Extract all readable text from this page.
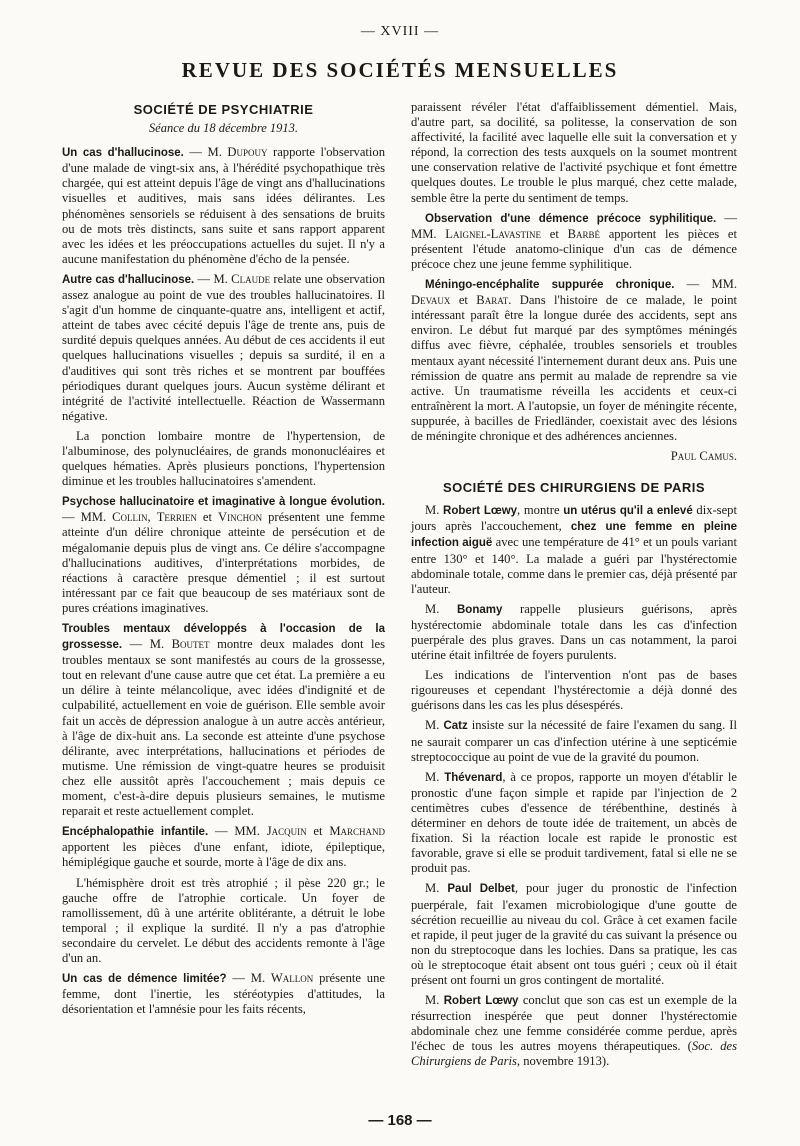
— XVIII —
REVUE DES SOCIÉTÉS MENSUELLES
SOCIÉTÉ DE PSYCHIATRIE
Séance du 18 décembre 1913.

Un cas d'hallucinose. — M. Dupouy rapporte l'observation d'une malade de vingt-six ans, à l'hérédité psychopathique très chargée, qui est atteint depuis l'âge de vingt ans d'hallucinations visuelles et auditives, mais sans idées délirantes. Les phénomènes sensoriels se réduisent à des sensations de bruits ou de mots très distincts, sans suite et sans rapport apparent avec les idées et les préoccupations actuelles du sujet. Il n'y a aucune manifestation du phénomène d'écho de la pensée.

Autre cas d'hallucinose. — M. Claude relate une observation assez analogue au point de vue des troubles hallucinatoires. Il s'agit d'un homme de cinquante-quatre ans, intelligent et actif, atteint de tabes avec cécité depuis l'âge de trente ans, puis de surdité depuis quelques années. Au début de ces accidents il eut quelques hallucinations visuelles ; depuis sa surdité, il en a d'auditives qui sont très riches et se montrent par bouffées périodiques durant quelques jours. Aucun système délirant et intégrité de l'activité intellectuelle. Réaction de Wassermann négative.

La ponction lombaire montre de l'hypertension, de l'albuminose, des polynucléaires, de grands mononucléaires et quelques hématies. Après plusieurs ponctions, l'hypertension diminue et les troubles hallucinatoires s'amendent.

Psychose hallucinatoire et imaginative à longue évolution. — MM. Collin, Terrien et Vinchon présentent une femme atteinte d'un délire chronique atteinte de persécution et de mégalomanie depuis plus de vingt ans. Ce délire s'accompagne d'hallucinations auditives, d'interprétations morbides, de réactions à caractère presque démentiel ; il est surtout intéressant par ce fait que beaucoup de ses matériaux sont de pures créations imaginatives.

Troubles mentaux développés à l'occasion de la grossesse. — M. Boutet montre deux malades dont les troubles mentaux se sont manifestés au cours de la grossesse, tout en relevant d'une cause autre que cet état. La première a eu un délire à teinte mélancolique, avec idées d'indignité et de culpabilité, actuellement en voie de guérison. Elle semble avoir fait un accès de dépression analogue à un autre accès antérieur, à l'âge de dix-huit ans. La seconde est atteinte d'une psychose délirante, avec interprétations, hallucinations et périodes de mutisme. Une rémission de vingt-quatre heures se produisit chez elle aussitôt après l'accouchement ; mais depuis ce moment, c'est-à-dire depuis plusieurs semaines, le mutisme reparait et reste actuellement complet.

Encéphalopathie infantile. — MM. Jacquin et Marchand apportent les pièces d'une enfant, idiote, épileptique, hémiplégique gauche et sourde, morte à l'âge de dix ans.

L'hémisphère droit est très atrophié ; il pèse 220 gr.; le gauche offre de l'atrophie corticale. Un foyer de ramollissement, dû à une artérite oblitérante, a détruit le lobe temporal ; il explique la surdité. Il n'y a pas d'atrophie secondaire du cervelet. Le début des accidents remonte à l'âge d'un an.

Un cas de démence limitée? — M. Wallon présente une femme, dont l'inertie, les stéréotypies d'attitudes, la désorientation et l'amnésie pour les faits récents,

paraissent révéler l'état d'affaiblissement démentiel. Mais, d'autre part, sa docilité, sa politesse, la conservation de son affectivité, la facilité avec laquelle elle suit la conversation et y répond, la correction des tests auxquels on la soumet montrent une conservation relative de l'activité psychique et font émettre quelques doutes. Le trouble le plus marqué, chez cette malade, semble être la perte du sentiment de temps.

Observation d'une démence précoce syphilitique. — MM. Laignel-Lavastine et Barbé apportent les pièces et présentent l'étude anatomo-clinique d'un cas de démence précoce chez une jeune femme syphilitique.

Méningo-encéphalite suppurée chronique. — MM. Devaux et Barat. Dans l'histoire de ce malade, le point intéressant paraît être la longue durée des accidents, sept ans environ. Le début fut marqué par des symptômes méningés diffus avec fièvre, céphalée, troubles sensoriels et troubles mentaux ayant nécessité l'internement durant deux ans. Puis une rémission de quatre ans permit au malade de reprendre sa vie active. Un traumatisme réveilla les accidents et ceux-ci entraînèrent la mort. A l'autopsie, un foyer de méningite récente, suppurée, à bacilles de Friedländer, coexistait avec des lésions de méningite chronique et des adhérences anciennes.

Paul Camus.
SOCIÉTÉ DES CHIRURGIENS DE PARIS

M. Robert Lœwy, montre un utérus qu'il a enlevé dix-sept jours après l'accouchement, chez une femme en pleine infection aiguë avec une température de 41° et un pouls variant entre 130° et 140°. La malade a guéri par l'hystérectomie abdominale totale, comme dans le premier cas, déjà présenté par l'auteur.

M. Bonamy rappelle plusieurs guérisons, après hystérectomie abdominale totale dans les cas d'infection puerpérale des plus graves. Dans un cas notamment, la paroi utérine était infiltrée de foyers purulents.

Les indications de l'intervention n'ont pas de bases rigoureuses et cependant l'hystérectomie a déjà donné des guérisons dans les cas les plus désespérés.

M. Catz insiste sur la nécessité de faire l'examen du sang. Il ne saurait comparer un cas d'infection utérine à une septicémie streptococcique au point de vue de la gravité du poumon.

M. Thévenard, à ce propos, rapporte un moyen d'établir le pronostic d'une façon simple et rapide par l'injection de 2 centimètres cubes d'essence de térébenthine, destinés à déterminer en dehors de toute idée de traitement, un abcès de fixation. Si la réaction locale est rapide le pronostic est favorable, grave si elle se produit tardivement, fatal si elle ne se produit pas.

M. Paul Delbet, pour juger du pronostic de l'infection puerpérale, fait l'examen microbiologique d'une goutte de sécrétion recueillie au niveau du col. Grâce à cet examen facile et rapide, il peut juger de la gravité du cas suivant la présence ou non du streptocoque dans les lochies. Dans sa pratique, les cas où le streptocoque était absent ont tous guéri ; ceux où il était présent ont fourni un gros contingent de mortalité.

M. Robert Lœwy conclut que son cas est un exemple de la résurrection inespérée que peut donner l'hystérectomie abdominale chez une femme considérée comme perdue, après l'échec de tous les autres moyens thérapeutiques. (Soc. des Chirurgiens de Paris, novembre 1913).

— 168 —
